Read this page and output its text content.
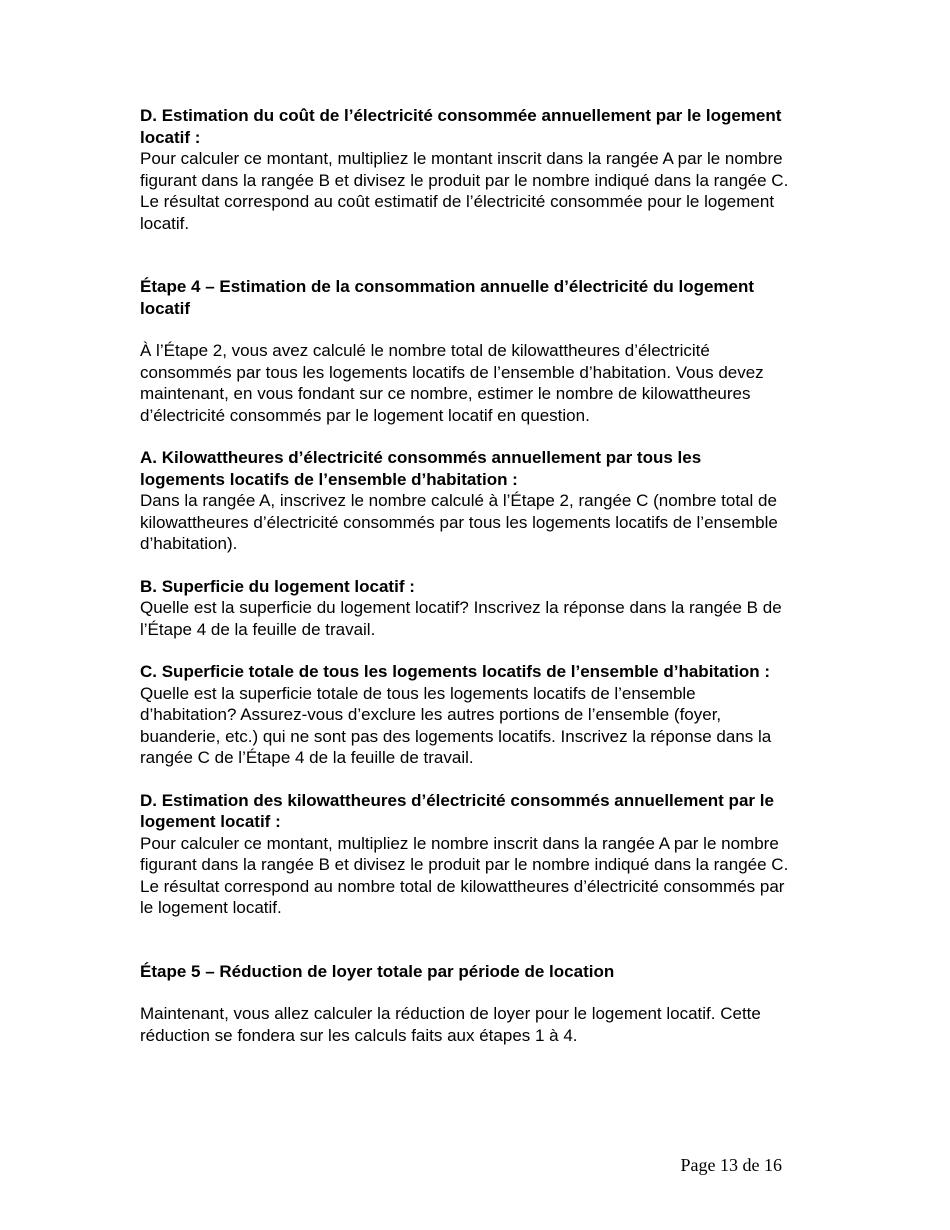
D. Estimation du coût de l’électricité consommée annuellement par le logement locatif :

Pour calculer ce montant, multipliez le montant inscrit dans la rangée A par le nombre figurant dans la rangée B et divisez le produit par le nombre indiqué dans la rangée C. Le résultat correspond au coût estimatif de l’électricité consommée pour le logement locatif.

Étape 4 – Estimation de la consommation annuelle d’électricité du logement locatif

À l’Étape 2, vous avez calculé le nombre total de kilowattheures d’électricité consommés par tous les logements locatifs de l’ensemble d’habitation. Vous devez maintenant, en vous fondant sur ce nombre, estimer le nombre de kilowattheures d’électricité consommés par le logement locatif en question.

A. Kilowattheures d’électricité consommés annuellement par tous les logements locatifs de l’ensemble d’habitation :

Dans la rangée A, inscrivez le nombre calculé à l’Étape 2, rangée C (nombre total de kilowattheures d’électricité consommés par tous les logements locatifs de l’ensemble d’habitation).

B. Superficie du logement locatif :

Quelle est la superficie du logement locatif? Inscrivez la réponse dans la rangée B de l’Étape 4 de la feuille de travail.

C. Superficie totale de tous les logements locatifs de l’ensemble d’habitation :

Quelle est la superficie totale de tous les logements locatifs de l’ensemble d’habitation? Assurez-vous d’exclure les autres portions de l’ensemble (foyer, buanderie, etc.) qui ne sont pas des logements locatifs. Inscrivez la réponse dans la rangée C de l’Étape 4 de la feuille de travail.

D. Estimation des kilowattheures d’électricité consommés annuellement par le logement locatif :

Pour calculer ce montant, multipliez le nombre inscrit dans la rangée A par le nombre figurant dans la rangée B et divisez le produit par le nombre indiqué dans la rangée C. Le résultat correspond au nombre total de kilowattheures d’électricité consommés par le logement locatif.

Étape 5 – Réduction de loyer totale par période de location

Maintenant, vous allez calculer la réduction de loyer pour le logement locatif. Cette réduction se fondera sur les calculs faits aux étapes 1 à 4.

Page 13 de 16
